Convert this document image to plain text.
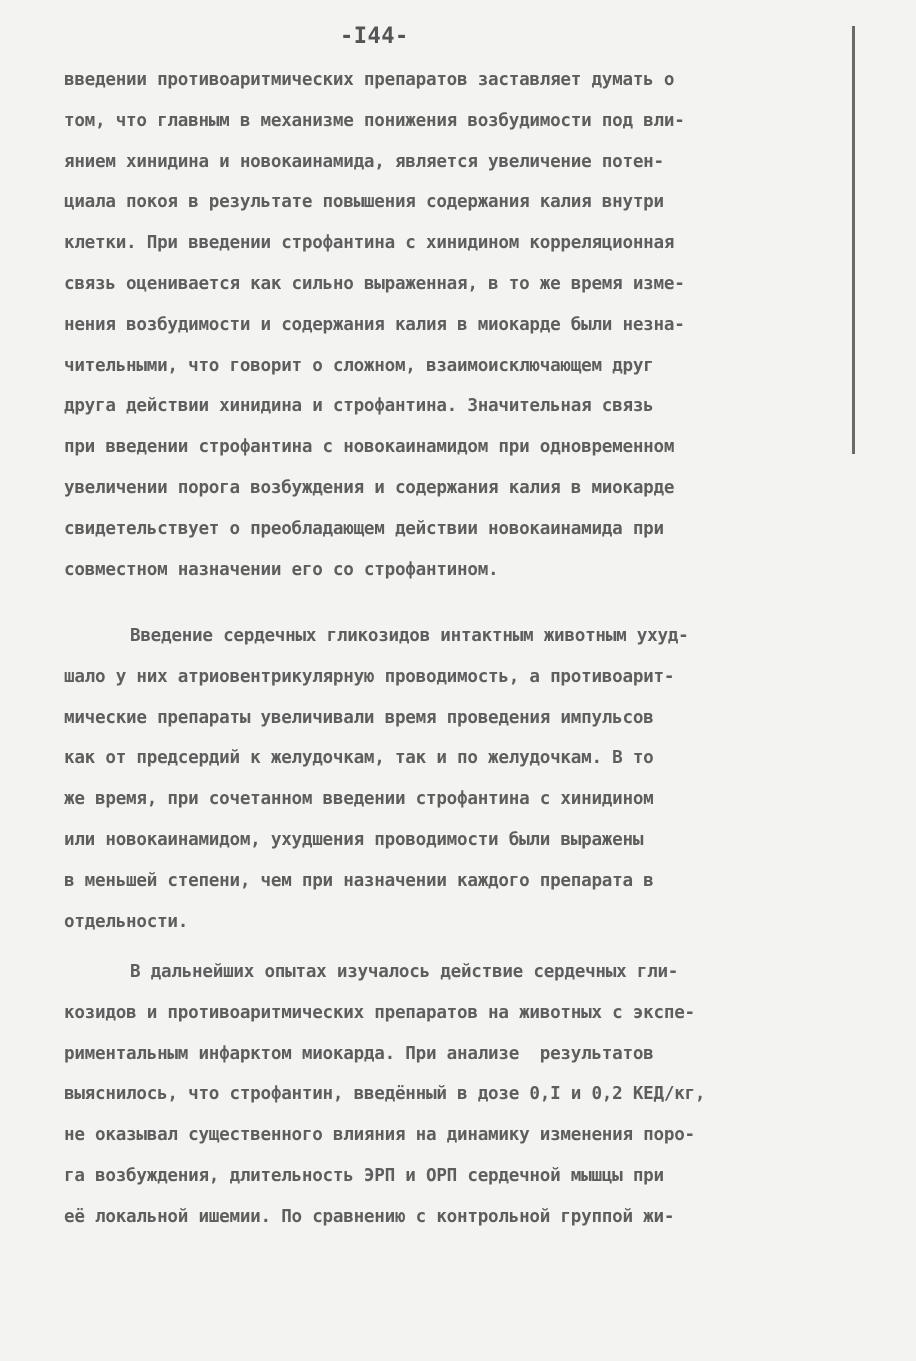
-I44-
введении противоаритмических препаратов заставляет думать о
том, что главным в механизме понижения возбудимости под вли-
янием хинидина и новокаинамида, является увеличение потен-
циала покоя в результате повышения содержания калия внутри
клетки. При введении строфантина с хинидином корреляционная
связь оценивается как сильно выраженная, в то же время изме-
нения возбудимости и содержания калия в миокарде были незна-
чительными, что говорит о сложном, взаимоисключающем друг
друга действии хинидина и строфантина. Значительная связь
при введении строфантина с новокаинамидом при одновременном
увеличении порога возбуждения и содержания калия в миокарде
свидетельствует о преобладающем действии новокаинамида при
совместном назначении его со строфантином.
Введение сердечных гликозидов интактным животным ухуд-
шало у них атриовентрикулярную проводимость, а противоарит-
мические препараты увеличивали время проведения импульсов
как от предсердий к желудочкам, так и по желудочкам. В то
же время, при сочетанном введении строфантина с хинидином
или новокаинамидом, ухудшения проводимости были выражены
в меньшей степени, чем при назначении каждого препарата в
отдельности.
В дальнейших опытах изучалось действие сердечных гли-
козидов и противоаритмических препаратов на животных с экспе-
риментальным инфарктом миокарда. При анализе  результатов
выяснилось, что строфантин, введённый в дозе 0,I и 0,2 КЕД/кг,
не оказывал существенного влияния на динамику изменения поро-
га возбуждения, длительность ЭРП и ОРП сердечной мышцы при
её локальной ишемии. По сравнению с контрольной группой жи-
